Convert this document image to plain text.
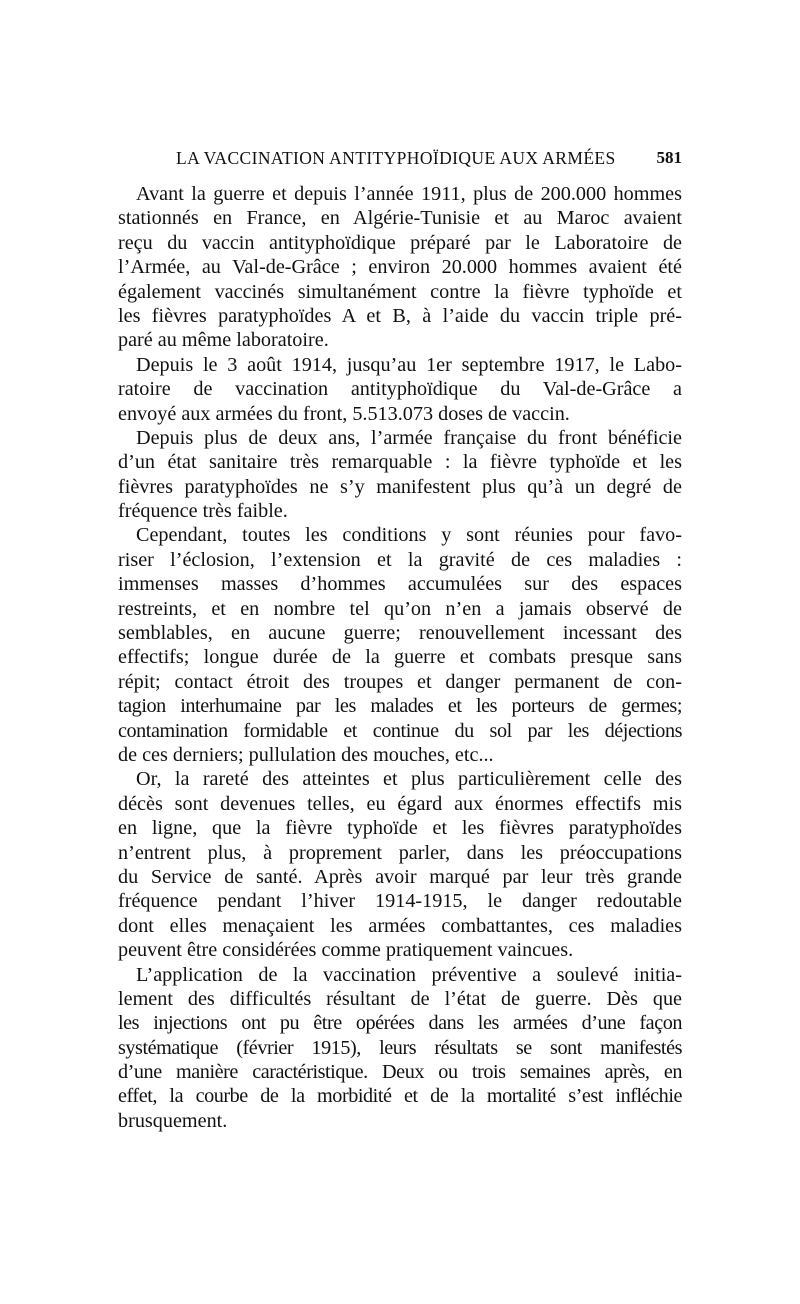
LA VACCINATION ANTITYPHOÏDIQUE AUX ARMÉES 581
Avant la guerre et depuis l’année 1911, plus de 200.000 hommes
stationnés en France, en Algérie-Tunisie et au Maroc avaient
reçu du vaccin antityphoïdique préparé par le Laboratoire de
l’Armée, au Val-de-Grâce ; environ 20.000 hommes avaient été
également vaccinés simultanément contre la fièvre typhoïde et
les fièvres paratyphoïdes A et B, à l’aide du vaccin triple pré-
paré au même laboratoire.
Depuis le 3 août 1914, jusqu’au 1er septembre 1917, le Labo-
ratoire de vaccination antityphoïdique du Val-de-Grâce a
envoyé aux armées du front, 5.513.073 doses de vaccin.
Depuis plus de deux ans, l’armée française du front bénéficie
d’un état sanitaire très remarquable : la fièvre typhoïde et les
fièvres paratyphoïdes ne s’y manifestent plus qu’à un degré de
fréquence très faible.
Cependant, toutes les conditions y sont réunies pour favo-
riser l’éclosion, l’extension et la gravité de ces maladies :
immenses masses d’hommes accumulées sur des espaces
restreints, et en nombre tel qu’on n’en a jamais observé de
semblables, en aucune guerre; renouvellement incessant des
effectifs; longue durée de la guerre et combats presque sans
répit; contact étroit des troupes et danger permanent de con-
tagion interhumaine par les malades et les porteurs de germes;
contamination formidable et continue du sol par les déjections
de ces derniers; pullulation des mouches, etc...
Or, la rareté des atteintes et plus particulièrement celle des
décès sont devenues telles, eu égard aux énormes effectifs mis
en ligne, que la fièvre typhoïde et les fièvres paratyphoïdes
n’entrent plus, à proprement parler, dans les préoccupations
du Service de santé. Après avoir marqué par leur très grande
fréquence pendant l’hiver 1914-1915, le danger redoutable
dont elles menaçaient les armées combattantes, ces maladies
peuvent être considérées comme pratiquement vaincues.
L’application de la vaccination préventive a soulevé initia-
lement des difficultés résultant de l’état de guerre. Dès que
les injections ont pu être opérées dans les armées d’une façon
systématique (février 1915), leurs résultats se sont manifestés
d’une manière caractéristique. Deux ou trois semaines après, en
effet, la courbe de la morbidité et de la mortalité s’est infléchie
brusquement.
